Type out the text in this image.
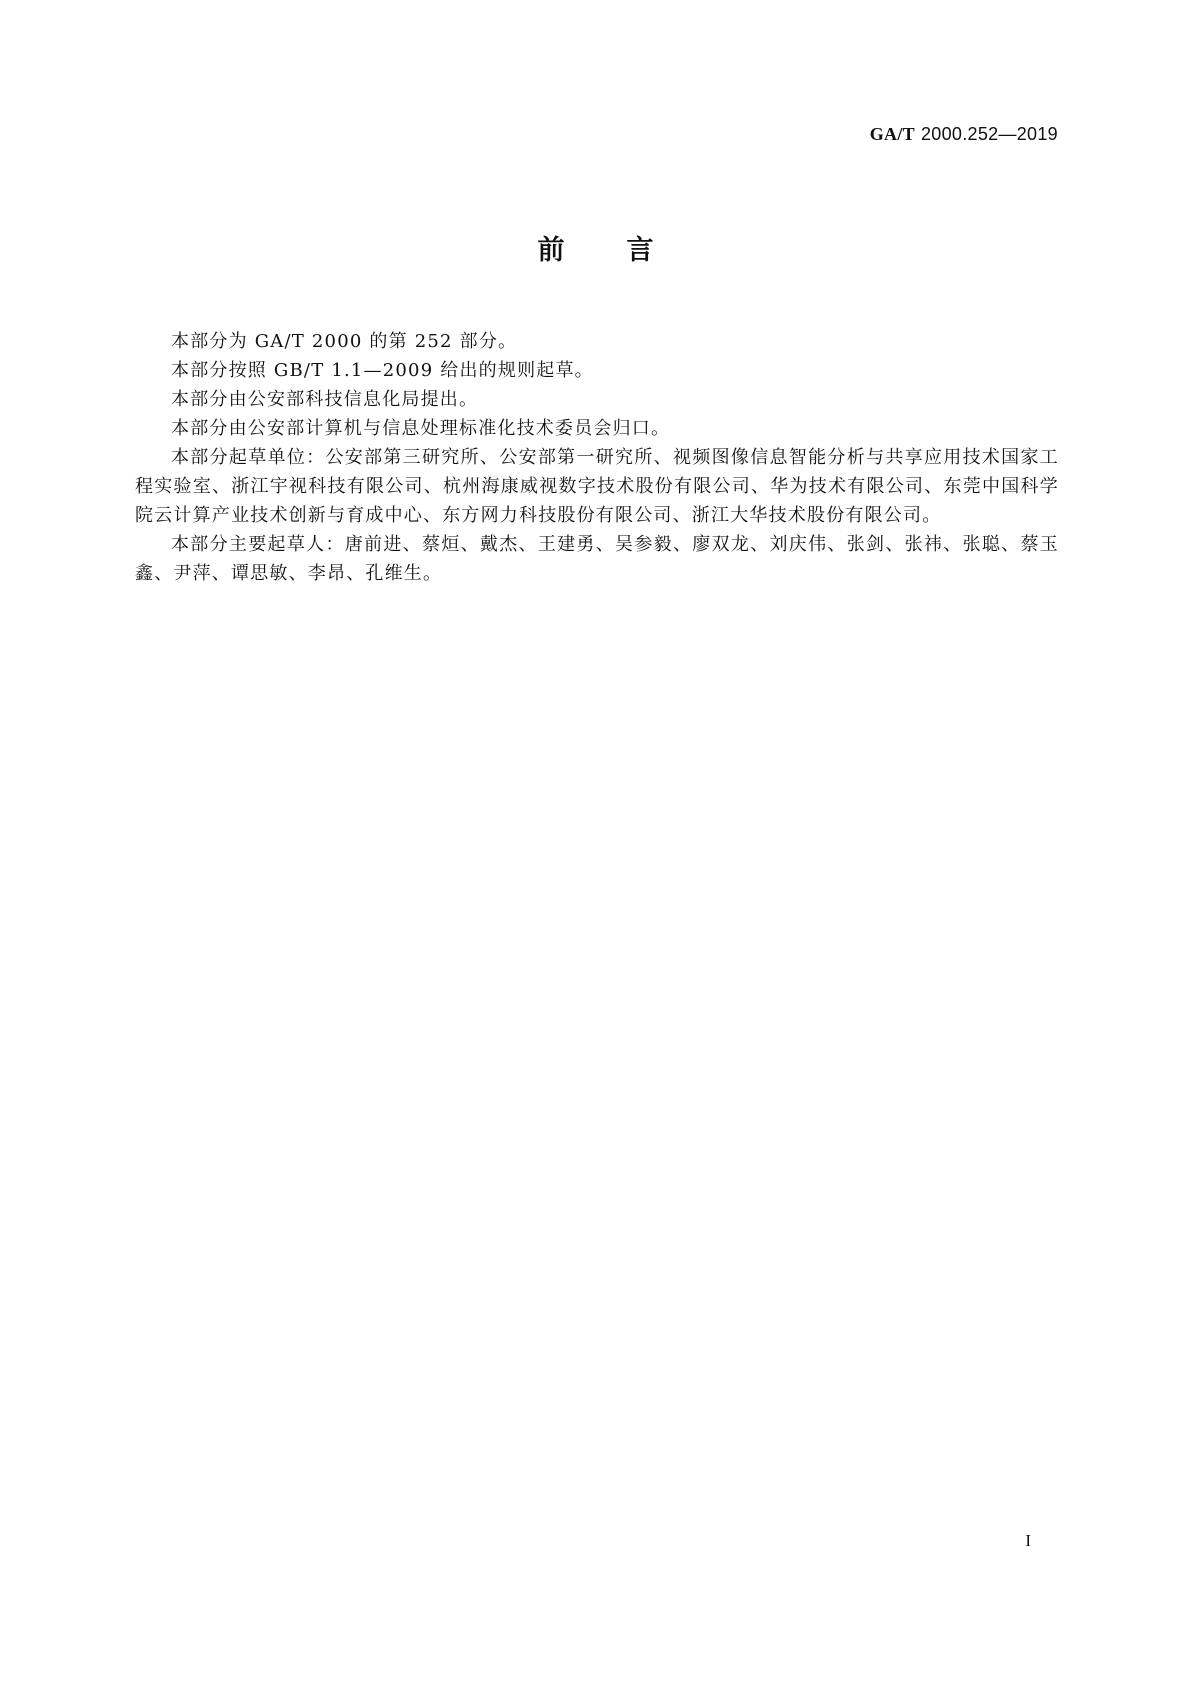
GA/T 2000.252—2019
前 言

本部分为 GA/T 2000 的第 252 部分。

本部分按照 GB/T 1.1—2009 给出的规则起草。

本部分由公安部科技信息化局提出。

本部分由公安部计算机与信息处理标准化技术委员会归口。

本部分起草单位：公安部第三研究所、公安部第一研究所、视频图像信息智能分析与共享应用技术国家工程实验室、浙江宇视科技有限公司、杭州海康威视数字技术股份有限公司、华为技术有限公司、东莞中国科学院云计算产业技术创新与育成中心、东方网力科技股份有限公司、浙江大华技术股份有限公司。

本部分主要起草人：唐前进、蔡烜、戴杰、王建勇、吴参毅、廖双龙、刘庆伟、张剑、张祎、张聪、蔡玉鑫、尹萍、谭思敏、李昂、孔维生。

I
